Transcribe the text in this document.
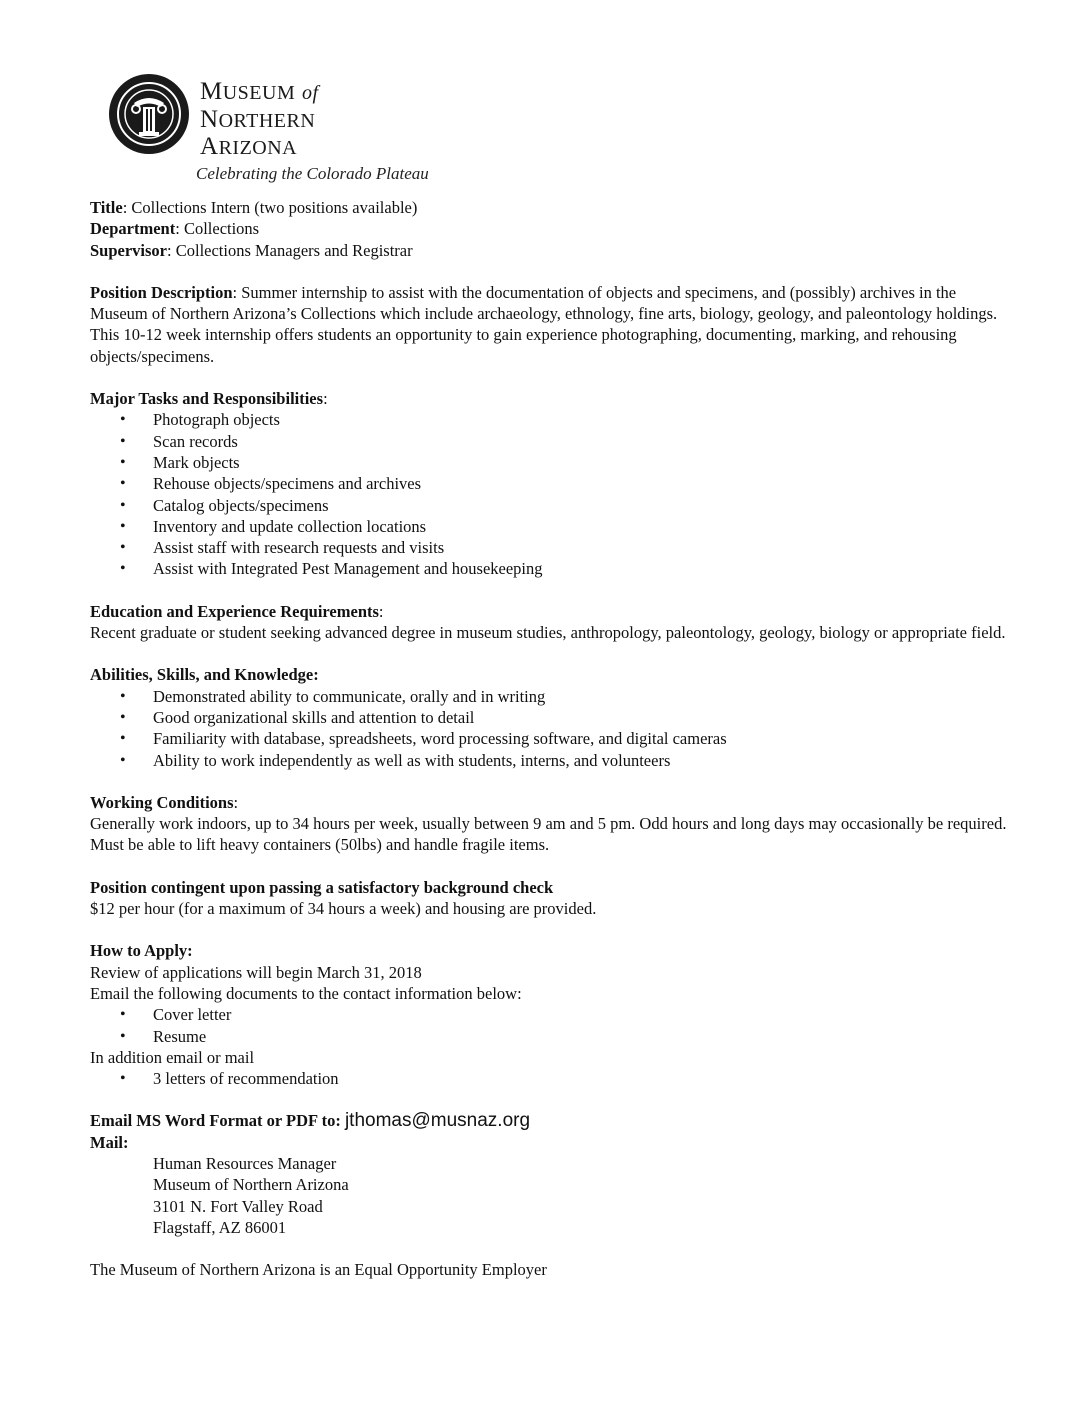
MUSEUM of
NORTHERN
ARIZONA
Celebrating the Colorado Plateau

Title: Collections Intern (two positions available)

Department: Collections

Supervisor: Collections Managers and Registrar

Position Description: Summer internship to assist with the documentation of objects and specimens, and (possibly) archives in the Museum of Northern Arizona’s Collections which include archaeology, ethnology, fine arts, biology, geology, and paleontology holdings. This 10-12 week internship offers students an opportunity to gain experience photographing, documenting, marking, and rehousing objects/specimens.

Major Tasks and Responsibilities:

• Photograph objects
• Scan records
• Mark objects
• Rehouse objects/specimens and archives
• Catalog objects/specimens
• Inventory and update collection locations
• Assist staff with research requests and visits
• Assist with Integrated Pest Management and housekeeping

Education and Experience Requirements:

Recent graduate or student seeking advanced degree in museum studies, anthropology, paleontology, geology, biology or appropriate field.

Abilities, Skills, and Knowledge:

• Demonstrated ability to communicate, orally and in writing
• Good organizational skills and attention to detail
• Familiarity with database, spreadsheets, word processing software, and digital cameras
• Ability to work independently as well as with students, interns, and volunteers

Working Conditions:

Generally work indoors, up to 34 hours per week, usually between 9 am and 5 pm. Odd hours and long days may occasionally be required. Must be able to lift heavy containers (50lbs) and handle fragile items.

Position contingent upon passing a satisfactory background check

$12 per hour (for a maximum of 34 hours a week) and housing are provided.

How to Apply:

Review of applications will begin March 31, 2018

Email the following documents to the contact information below:

• Cover letter
• Resume

In addition email or mail

• 3 letters of recommendation

Email MS Word Format or PDF to: jthomas@musnaz.org

Mail:

Human Resources Manager

Museum of Northern Arizona

3101 N. Fort Valley Road

Flagstaff, AZ 86001

The Museum of Northern Arizona is an Equal Opportunity Employer
